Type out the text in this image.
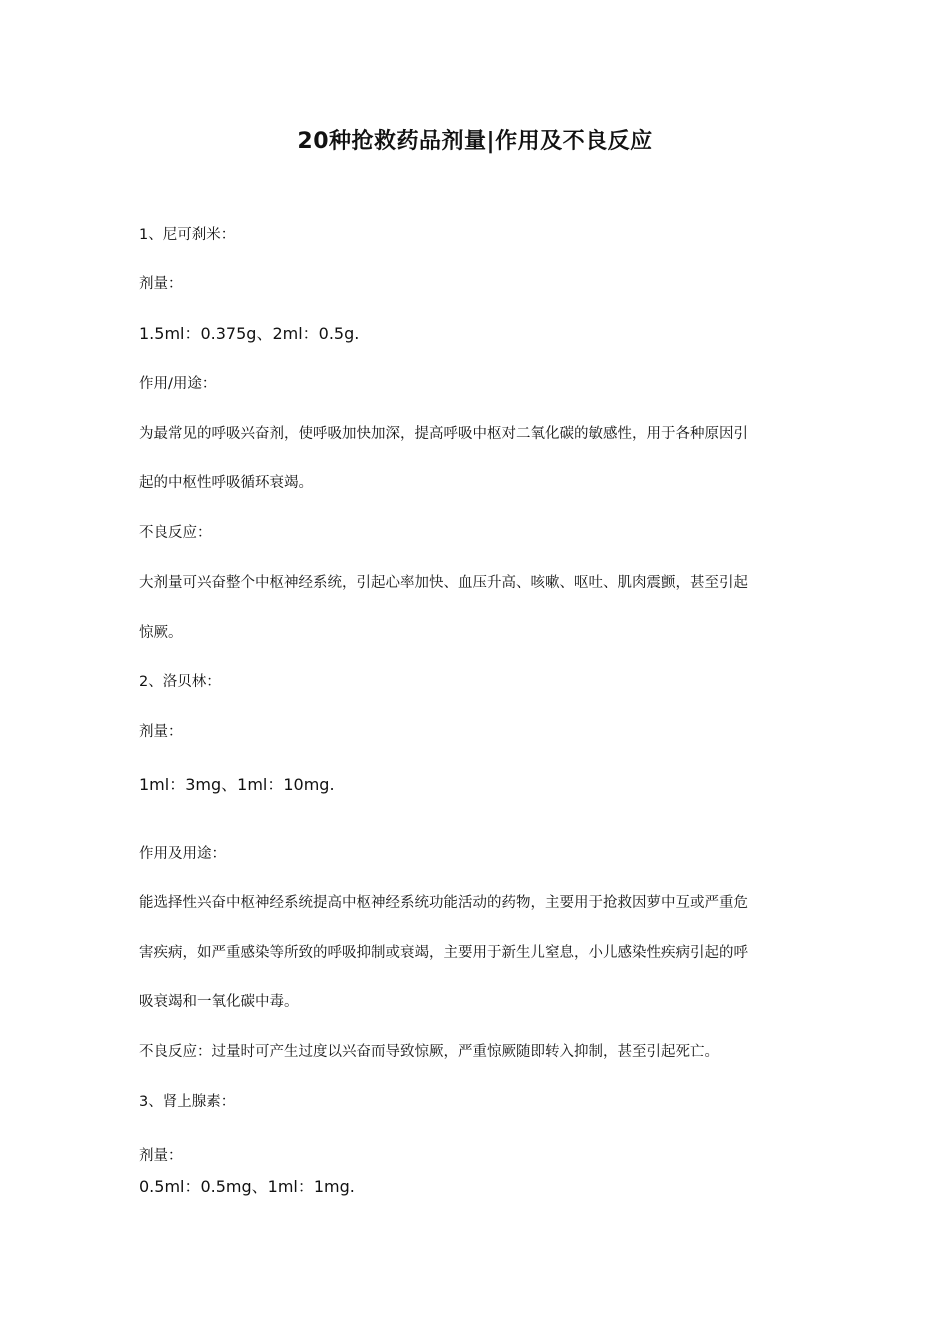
20种抢救药品剂量|作用及不良反应
1、尼可刹米：
剂量：
1.5ml：0.375g、2ml：0.5g.
作用/用途：
为最常见的呼吸兴奋剂，使呼吸加快加深，提高呼吸中枢对二氧化碳的敏感性，用于各种原因引
起的中枢性呼吸循环衰竭。
不良反应：
大剂量可兴奋整个中枢神经系统，引起心率加快、血压升高、咳嗽、呕吐、肌肉震颤，甚至引起
惊厥。
2、洛贝林：
剂量：
1ml：3mg、1ml：10mg.
作用及用途：
能选择性兴奋中枢神经系统提高中枢神经系统功能活动的药物，主要用于抢救因萝中互或严重危
害疾病，如严重感染等所致的呼吸抑制或衰竭，主要用于新生儿窒息，小儿感染性疾病引起的呼
吸衰竭和一氧化碳中毒。
不良反应：过量时可产生过度以兴奋而导致惊厥，严重惊厥随即转入抑制，甚至引起死亡。
3、肾上腺素：
剂量：
0.5ml：0.5mg、1ml：1mg.
